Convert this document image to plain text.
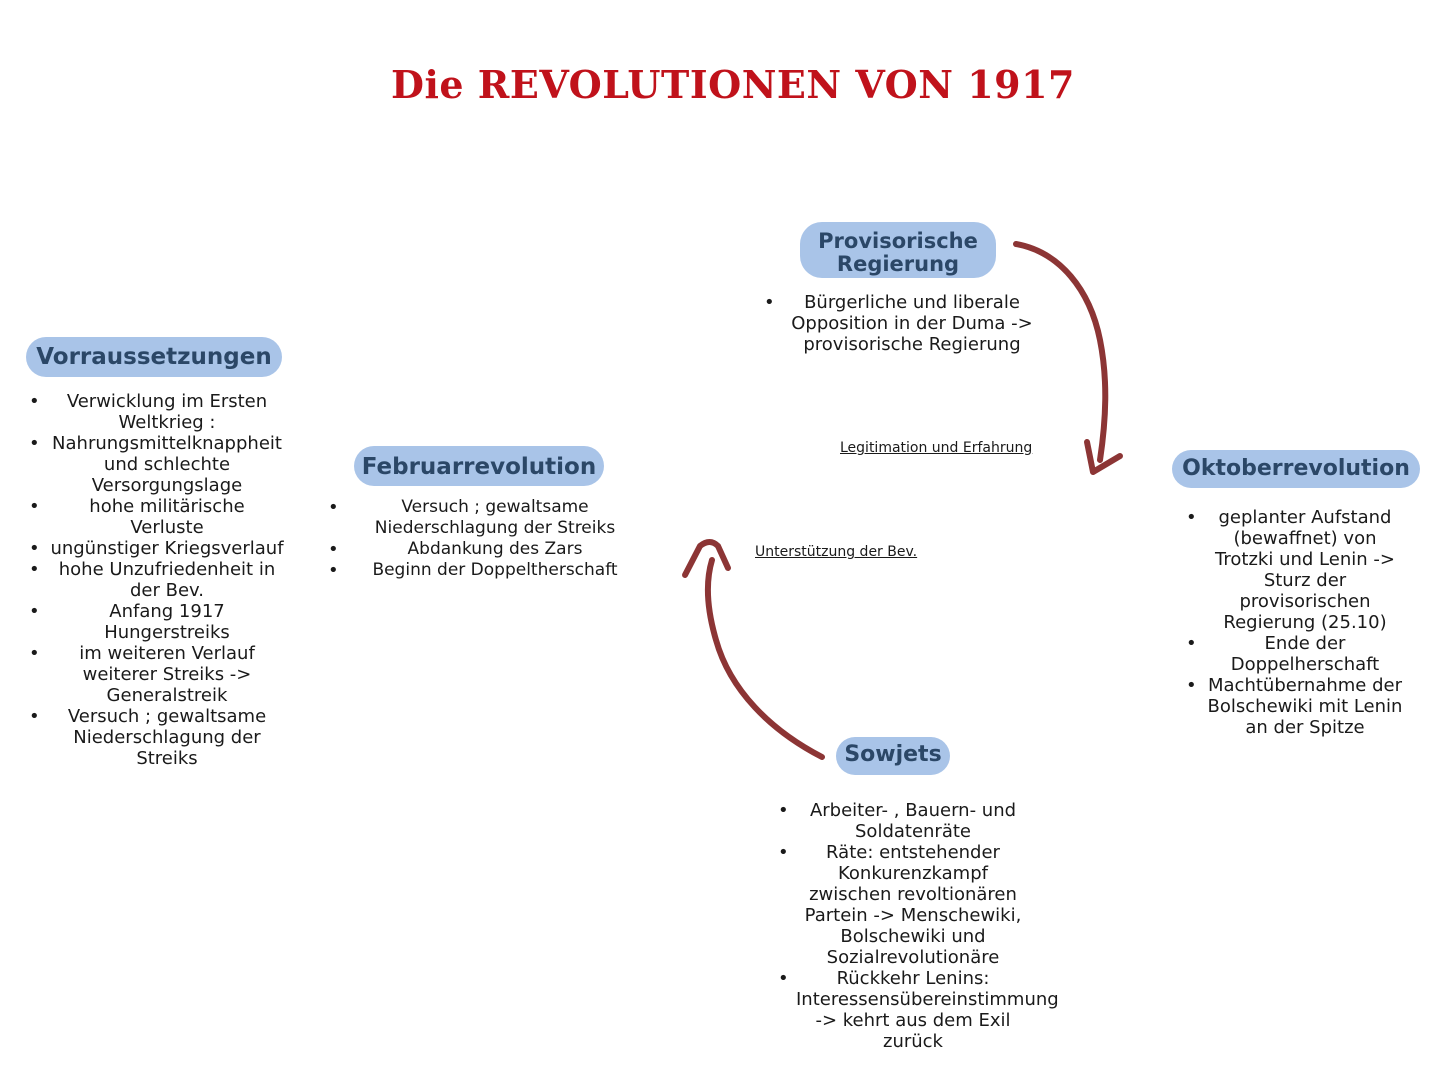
Die REVOLUTIONEN VON 1917
Vorraussetzungen
• Verwicklung im Ersten Weltkrieg :
• Nahrungsmittelknappheit und schlechte Versorgungslage
• hohe militärische Verluste
• ungünstiger Kriegsverlauf
• hohe Unzufriedenheit in der Bev.
• Anfang 1917 Hungerstreiks
• im weiteren Verlauf weiterer Streiks -> Generalstreik
• Versuch ; gewaltsame Niederschlagung der Streiks
Februarrevolution
• Versuch ; gewaltsame Niederschlagung der Streiks
• Abdankung des Zars
• Beginn der Doppeltherschaft
Provisorische
Regierung
• Bürgerliche und liberale Opposition in der Duma -> provisorische Regierung
Oktoberrevolution
• geplanter Aufstand (bewaffnet) von Trotzki und Lenin -> Sturz der provisorischen Regierung (25.10)
• Ende der Doppelherschaft
• Machtübernahme der Bolschewiki mit Lenin an der Spitze
Sowjets
• Arbeiter- , Bauern- und Soldatenräte
• Räte: entstehender Konkurenzkampf zwischen revoltionären Partein -> Menschewiki, Bolschewiki und Sozialrevolutionäre
• Rückkehr Lenins: Interessensübereinstimmung -> kehrt aus dem Exil zurück
Legitimation und Erfahrung
Unterstützung der Bev.
